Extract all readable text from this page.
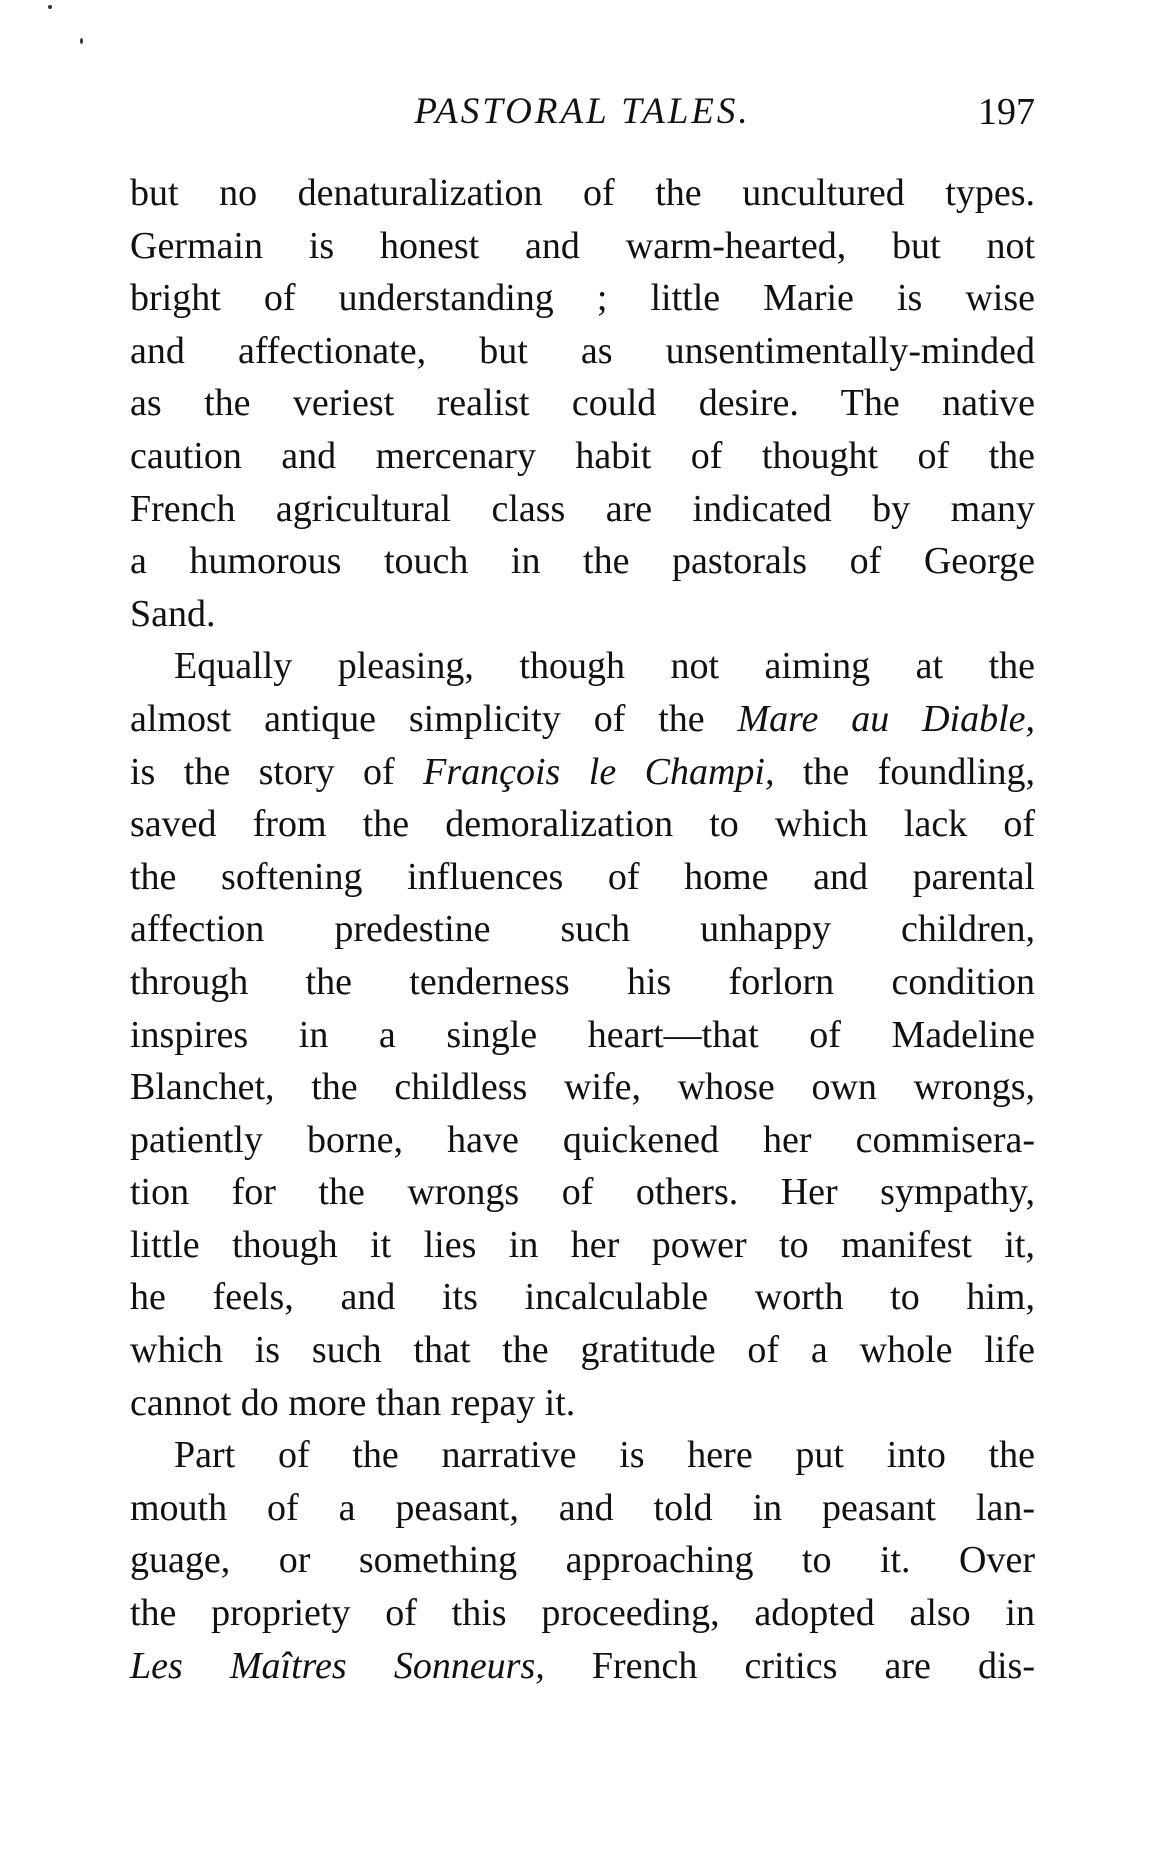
PASTORAL TALES.	197
but no denaturalization of the uncultured types.
Germain is honest and warm-hearted, but not
bright of understanding ; little Marie is wise
and affectionate, but as unsentimentally-minded
as the veriest realist could desire. The native
caution and mercenary habit of thought of the
French agricultural class are indicated by many
a humorous touch in the pastorals of George
Sand.
Equally pleasing, though not aiming at the
almost antique simplicity of the Mare au Diable,
is the story of François le Champi, the foundling,
saved from the demoralization to which lack of
the softening influences of home and parental
affection predestine such unhappy children,
through the tenderness his forlorn condition
inspires in a single heart—that of Madeline
Blanchet, the childless wife, whose own wrongs,
patiently borne, have quickened her commisera-
tion for the wrongs of others. Her sympathy,
little though it lies in her power to manifest it,
he feels, and its incalculable worth to him,
which is such that the gratitude of a whole life
cannot do more than repay it.
Part of the narrative is here put into the
mouth of a peasant, and told in peasant lan-
guage, or something approaching to it. Over
the propriety of this proceeding, adopted also in
Les Maîtres Sonneurs, French critics are dis-
